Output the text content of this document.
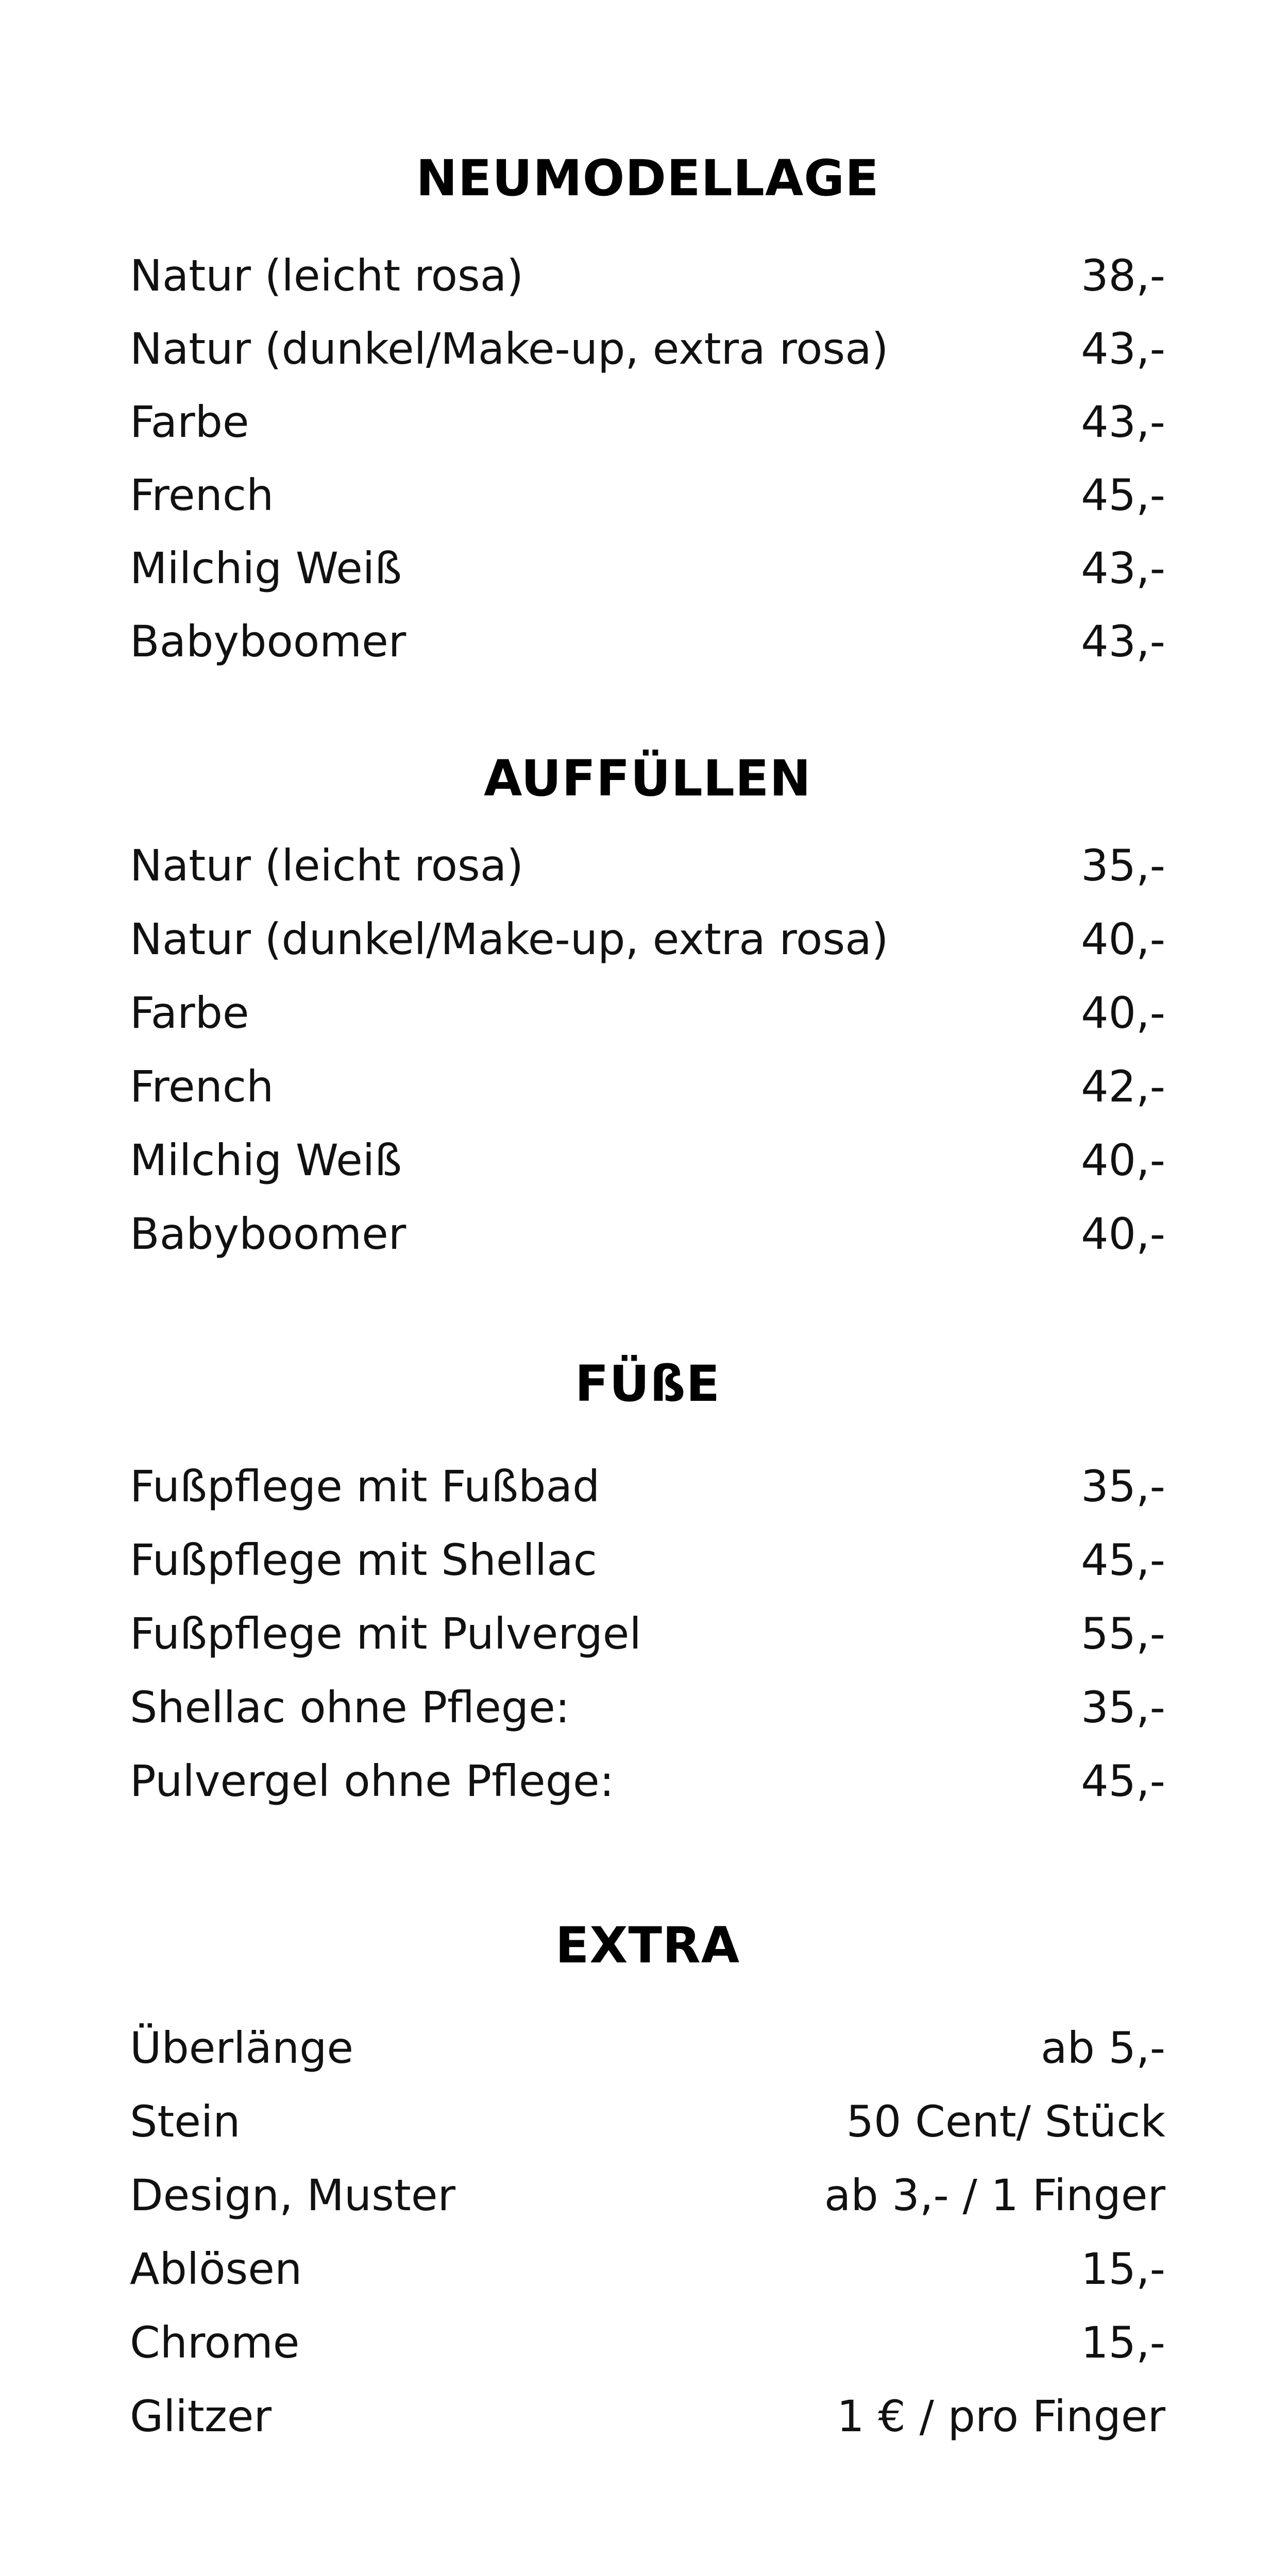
NEUMODELLAGE
Natur (leicht rosa)	38,-
Natur (dunkel/Make-up, extra rosa)	43,-
Farbe	43,-
French	45,-
Milchig Weiß	43,-
Babyboomer	43,-
AUFFÜLLEN
Natur (leicht rosa)	35,-
Natur (dunkel/Make-up, extra rosa)	40,-
Farbe	40,-
French	42,-
Milchig Weiß	40,-
Babyboomer	40,-
FÜßE
Fußpflege mit Fußbad	35,-
Fußpflege mit Shellac	45,-
Fußpflege mit Pulvergel	55,-
Shellac ohne Pflege:	35,-
Pulvergel ohne Pflege:	45,-
EXTRA
Überlänge	ab 5,-
Stein	50 Cent/ Stück
Design, Muster	ab 3,- / 1 Finger
Ablösen	15,-
Chrome	15,-
Glitzer	1 € / pro Finger
